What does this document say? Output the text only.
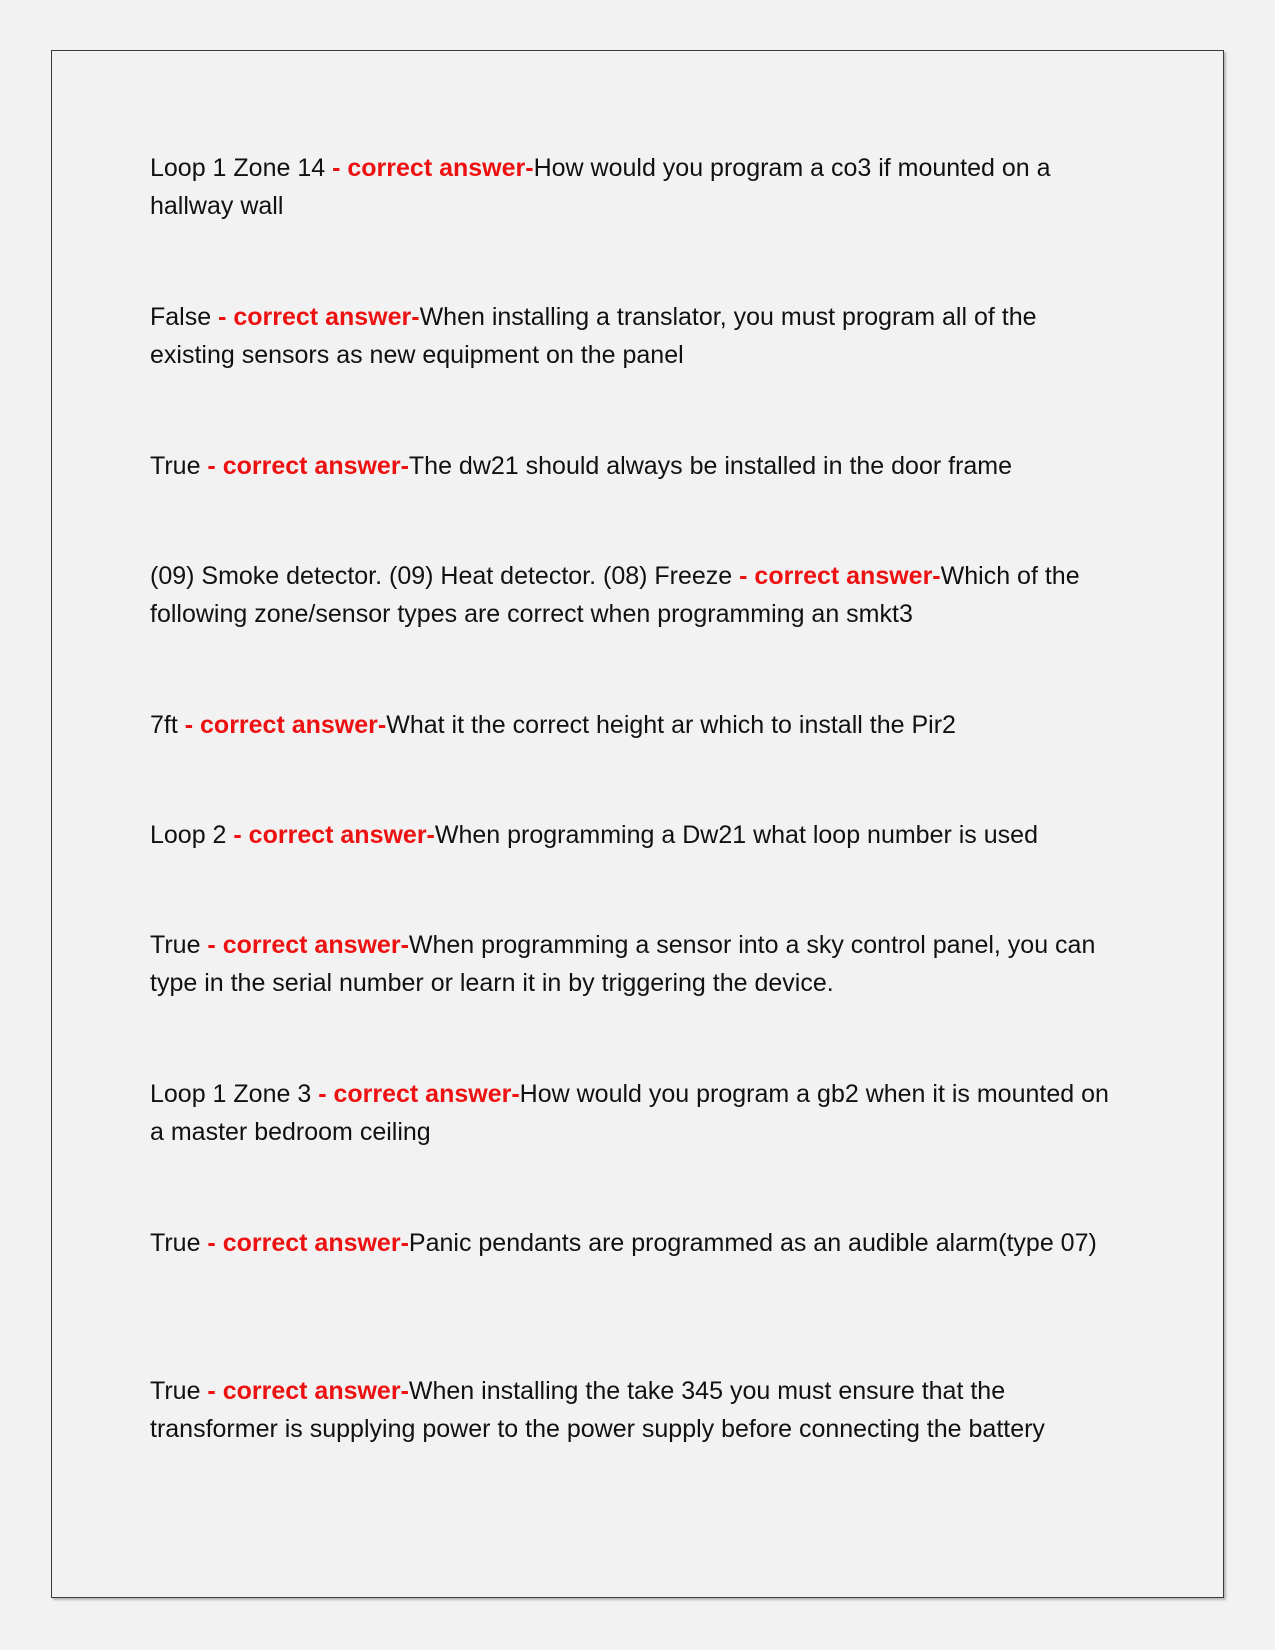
Loop 1 Zone 14 - correct answer-How would you program a co3 if mounted on a hallway wall

False - correct answer-When installing a translator, you must program all of the existing sensors as new equipment on the panel

True - correct answer-The dw21 should always be installed in the door frame

(09) Smoke detector. (09) Heat detector. (08) Freeze - correct answer-Which of the following zone/sensor types are correct when programming an smkt3

7ft - correct answer-What it the correct height ar which to install the Pir2

Loop 2 - correct answer-When programming a Dw21 what loop number is used

True - correct answer-When programming a sensor into a sky control panel, you can type in the serial number or learn it in by triggering the device.

Loop 1 Zone 3 - correct answer-How would you program a gb2 when it is mounted on a master bedroom ceiling

True - correct answer-Panic pendants are programmed as an audible alarm(type 07)

True - correct answer-When installing the take 345 you must ensure that the transformer is supplying power to the power supply before connecting the battery
